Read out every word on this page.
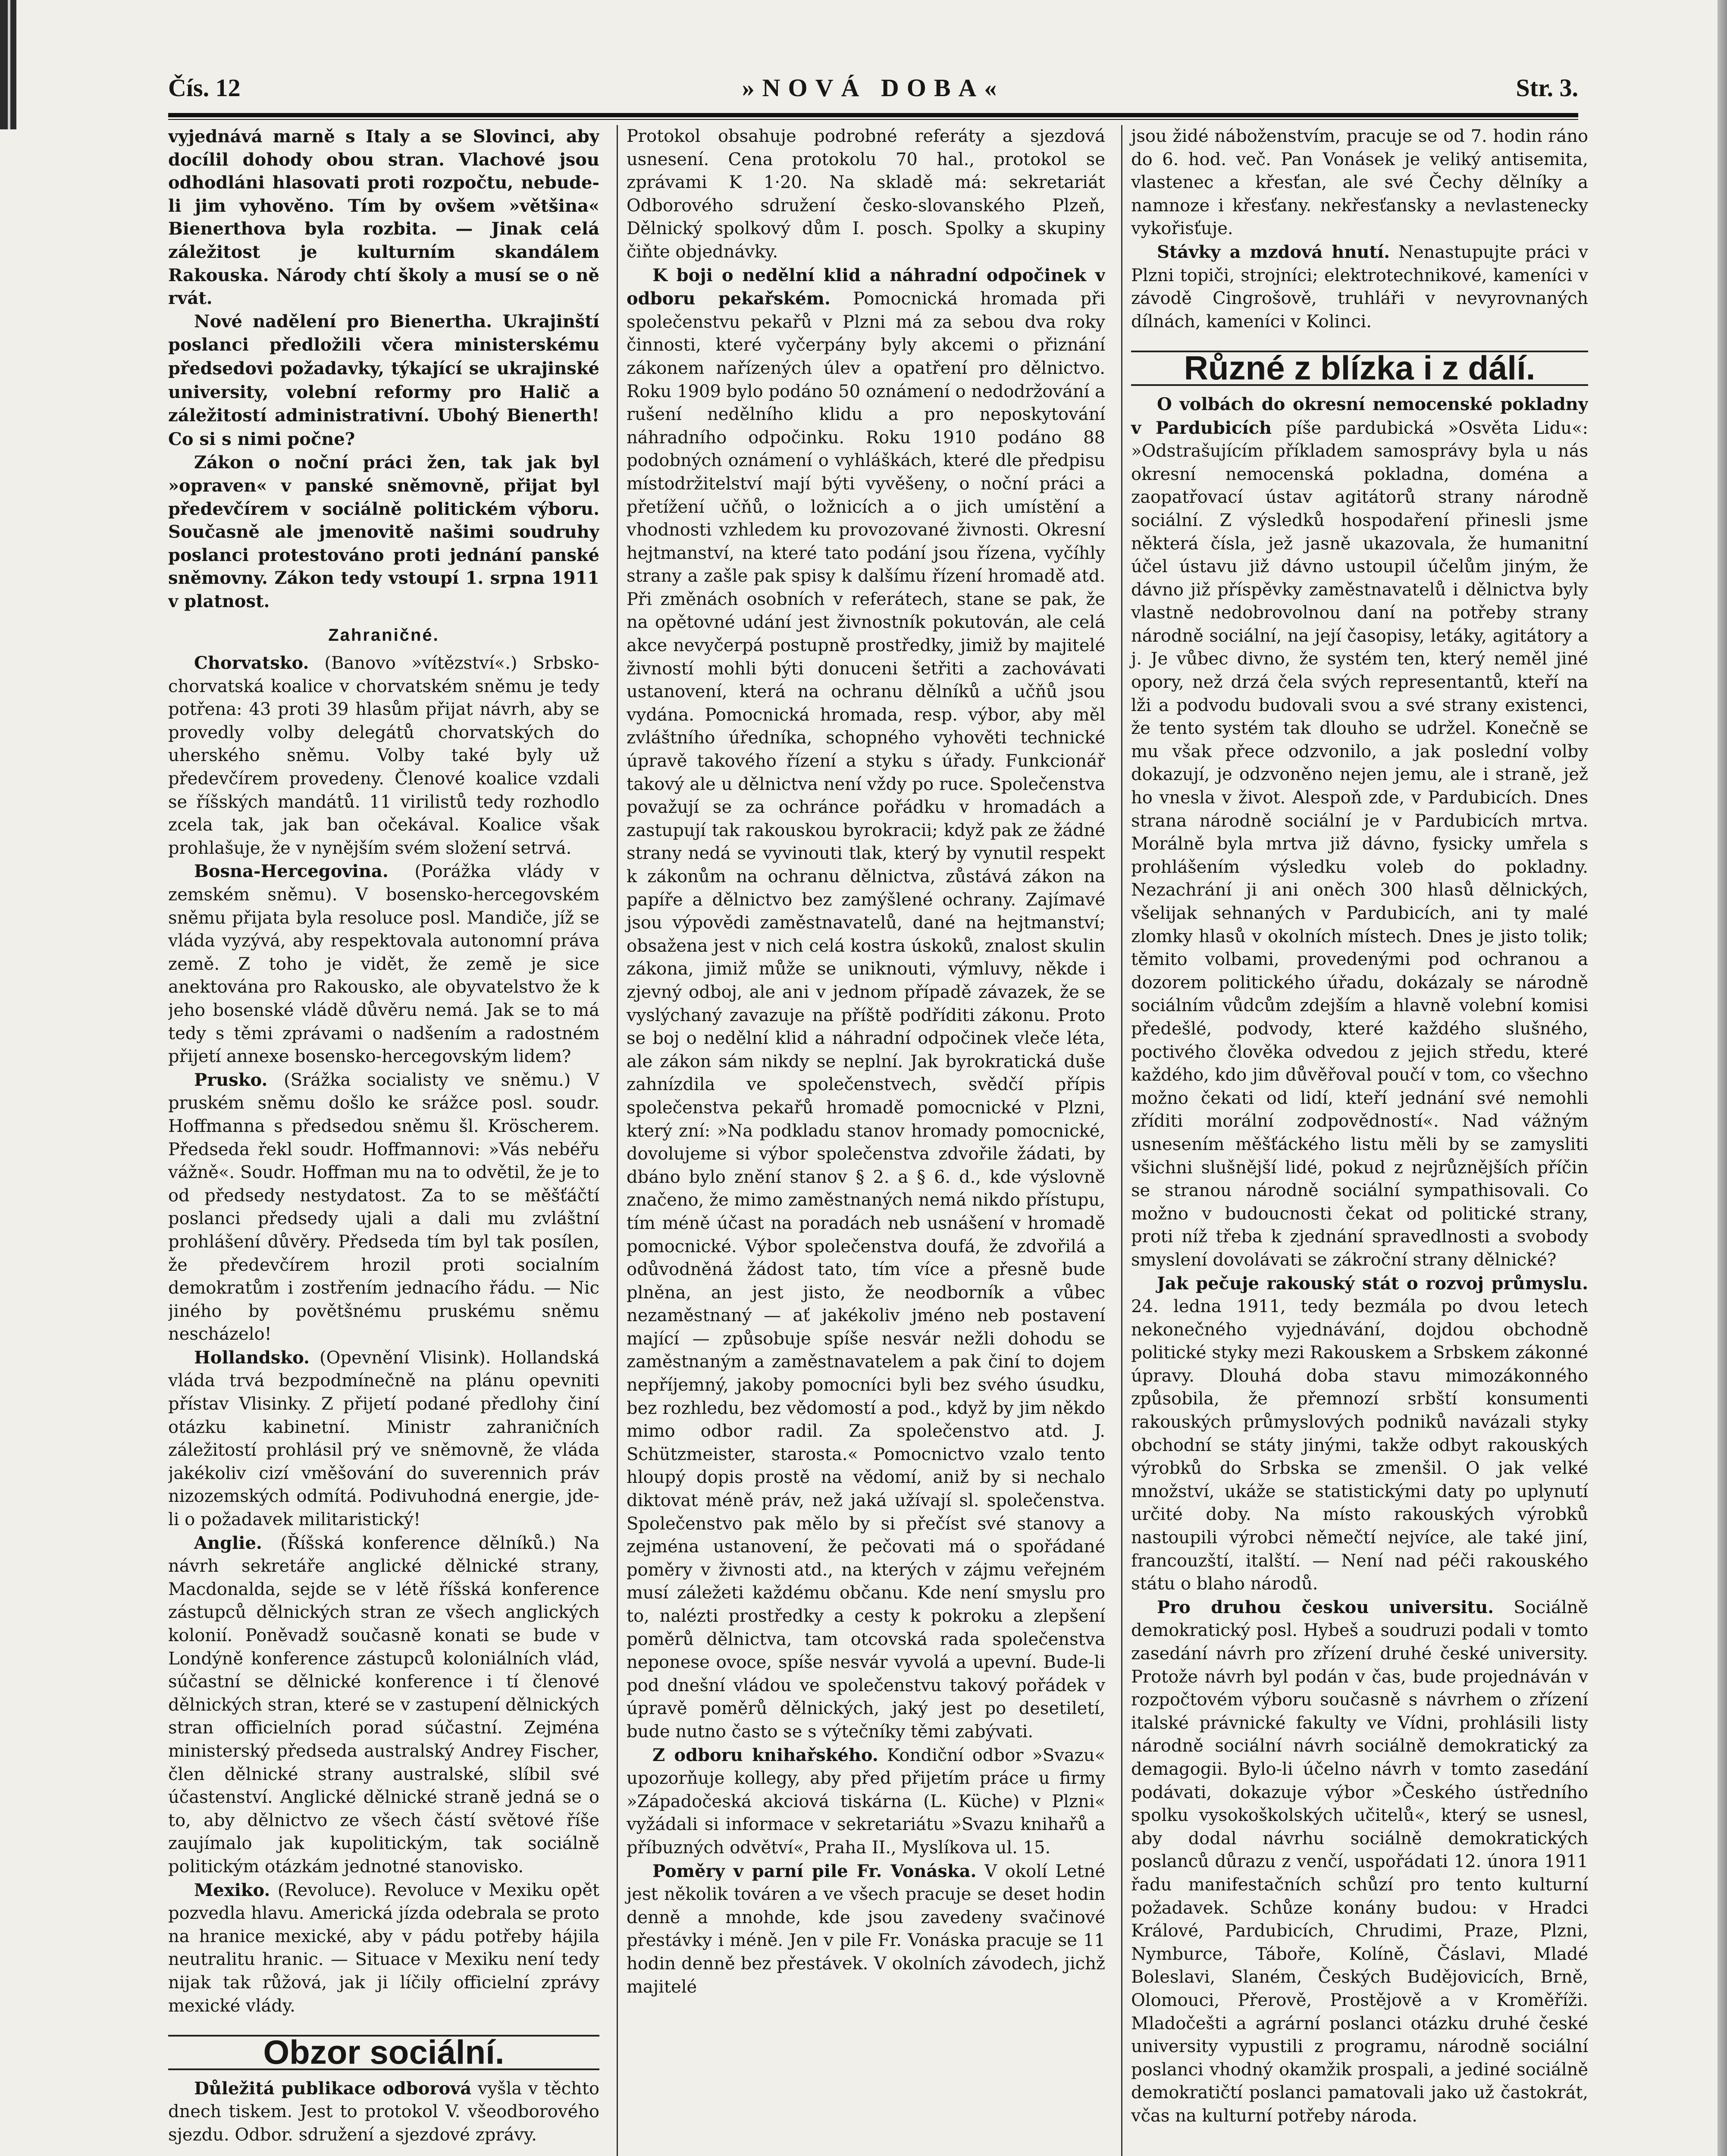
Čís. 12	»NOVÁ DOBA«	Str. 3.

vyjednává marně s Italy a se Slovinci, aby docílil dohody obou stran. Vlachové jsou odhodláni hlasovati proti rozpočtu, nebude-li jim vyhověno. Tím by ovšem »většina« Bienerthova byla rozbita. — Jinak celá záležitost je kulturním skandálem Rakouska. Národy chtí školy a musí se o ně rvát.

Nové nadělení pro Bienertha. Ukrajinští poslanci předložili včera ministerskému předsedovi požadavky, týkající se ukrajinské university, volební reformy pro Halič a záležitostí administrativní. Ubohý Bienerth! Co si s nimi počne?

Zákon o noční práci žen, tak jak byl »opraven« v panské sněmovně, přijat byl předevčírem v sociálně politickém výboru. Současně ale jmenovitě našimi soudruhy poslanci protestováno proti jednání panské sněmovny. Zákon tedy vstoupí 1. srpna 1911 v platnost.

Zahraničné.

Chorvatsko. (Banovo »vítězství«.) Srbsko-chorvatská koalice v chorvatském sněmu je tedy potřena: 43 proti 39 hlasům přijat návrh, aby se provedly volby delegátů chorvatských do uherského sněmu. Volby také byly už předevčírem provedeny. Členové koalice vzdali se říšských mandátů. 11 virilistů tedy rozhodlo zcela tak, jak ban očekával. Koalice však prohlašuje, že v nynějším svém složení setrvá.

Bosna-Hercegovina. (Porážka vlády v zemském sněmu). V bosensko-hercegovském sněmu přijata byla resoluce posl. Mandiče, jíž se vláda vyzývá, aby respektovala autonomní práva země. Z toho je vidět, že země je sice anektována pro Rakousko, ale obyvatelstvo že k jeho bosenské vládě důvěru nemá. Jak se to má tedy s těmi zprávami o nadšením a radostném přijetí annexe bosensko-hercegovským lidem?

Prusko. (Srážka socialisty ve sněmu.) V pruském sněmu došlo ke srážce posl. soudr. Hoffmanna s předsedou sněmu šl. Kröscherem. Předseda řekl soudr. Hoffmannovi: »Vás nebéřu vážně«. Soudr. Hoffman mu na to odvětil, že je to od předsedy nestydatost. Za to se měšťáčtí poslanci předsedy ujali a dali mu zvláštní prohlášení důvěry. Předseda tím byl tak posílen, že předevčírem hrozil proti socialním demokratům i zostřením jednacího řádu. — Nic jiného by povětšnému pruskému sněmu nescházelo!

Hollandsko. (Opevnění Vlisink). Hollandská vláda trvá bezpodmínečně na plánu opevniti přístav Vlisinky. Z přijetí podané předlohy činí otázku kabinetní. Ministr zahraničních záležitostí prohlásil prý ve sněmovně, že vláda jakékoliv cizí vměšování do suverennich práv nizozemských odmítá. Podivuhodná energie, jde-li o požadavek militaristický!

Anglie. (Říšská konference dělníků.) Na návrh sekretáře anglické dělnické strany, Macdonalda, sejde se v létě říšská konference zástupců dělnických stran ze všech anglických kolonií. Poněvadž současně konati se bude v Londýně konference zástupců koloniálních vlád, súčastní se dělnické konference i tí členové dělnických stran, které se v zastupení dělnických stran officielních porad súčastní. Zejména ministerský předseda australský Andrey Fischer, člen dělnické strany australské, slíbil své účastenství. Anglické dělnické straně jedná se o to, aby dělnictvo ze všech částí světové říše zaujímalo jak kupolitickým, tak sociálně politickým otázkám jednotné stanovisko.

Mexiko. (Revoluce). Revoluce v Mexiku opět pozvedla hlavu. Americká jízda odebrala se proto na hranice mexické, aby v pádu potřeby hájila neutralitu hranic. — Situace v Mexiku není tedy nijak tak růžová, jak ji líčily officielní zprávy mexické vlády.

Obzor sociální.

Důležitá publikace odborová vyšla v těchto dnech tiskem. Jest to protokol V. všeodborového sjezdu. Odbor. sdružení a sjezdové zprávy.

Protokol obsahuje podrobné referáty a sjezdová usnesení. Cena protokolu 70 hal., protokol se zprávami K 1·20. Na skladě má: sekretariát Odborového sdružení česko-slovanského Plzeň, Dělnický spolkový dům I. posch. Spolky a skupiny čiňte objednávky.

K boji o nedělní klid a náhradní odpočinek v odboru pekařském. Pomocnická hromada při společenstvu pekařů v Plzni má za sebou dva roky činnosti, které vyčerpány byly akcemi o přiznání zákonem nařízených úlev a opatření pro dělnictvo. Roku 1909 bylo podáno 50 oznámení o nedodržování a rušení nedělního klidu a pro neposkytování náhradního odpočinku. Roku 1910 podáno 88 podobných oznámení o vyhláškách, které dle předpisu místodržitelství mají býti vyvěšeny, o noční práci a přetížení učňů, o ložnicích a o jich umístění a vhodnosti vzhledem ku provozované živnosti. Okresní hejtmanství, na které tato podání jsou řízena, vyčíhly strany a zašle pak spisy k dalšímu řízení hromadě atd. Při změnách osobních v referátech, stane se pak, že na opětovné udání jest živnostník pokutován, ale celá akce nevyčerpá postupně prostředky, jimiž by majitelé živností mohli býti donuceni šetřiti a zachovávati ustanovení, která na ochranu dělníků a učňů jsou vydána. Pomocnická hromada, resp. výbor, aby měl zvláštního úředníka, schopného vyhověti technické úpravě takového řízení a styku s úřady. Funkcionář takový ale u dělnictva není vždy po ruce. Společenstva považují se za ochránce pořádku v hromadách a zastupují tak rakouskou byrokracii; když pak ze žádné strany nedá se vyvinouti tlak, který by vynutil respekt k zákonům na ochranu dělnictva, zůstává zákon na papíře a dělnictvo bez zamýšlené ochrany. Zajímavé jsou výpovědi zaměstnavatelů, dané na hejtmanství; obsažena jest v nich celá kostra úskoků, znalost skulin zákona, jimiž může se uniknouti, výmluvy, někde i zjevný odboj, ale ani v jednom případě závazek, že se vyslýchaný zavazuje na příště podříditi zákonu. Proto se boj o nedělní klid a náhradní odpočinek vleče léta, ale zákon sám nikdy se neplní. Jak byrokratická duše zahnízdila ve společenstvech, svědčí přípis společenstva pekařů hromadě pomocnické v Plzni, který zní: »Na podkladu stanov hromady pomocnické, dovolujeme si výbor společenstva zdvořile žádati, by dbáno bylo znění stanov § 2. a § 6. d., kde výslovně značeno, že mimo zaměstnaných nemá nikdo přístupu, tím méně účast na poradách neb usnášení v hromadě pomocnické. Výbor společenstva doufá, že zdvořilá a odůvodněná žádost tato, tím více a přesně bude plněna, an jest jisto, že neodborník a vůbec nezaměstnaný — ať jakékoliv jméno neb postavení mající — způsobuje spíše nesvár nežli dohodu se zaměstnaným a zaměstnavatelem a pak činí to dojem nepříjemný, jakoby pomocníci byli bez svého úsudku, bez rozhledu, bez vědomostí a pod., když by jim někdo mimo odbor radil. Za společenstvo atd. J. Schützmeister, starosta.« Pomocnictvo vzalo tento hloupý dopis prostě na vědomí, aniž by si nechalo diktovat méně práv, než jaká užívají sl. společenstva. Společenstvo pak mělo by si přečíst své stanovy a zejména ustanovení, že pečovati má o spořádané poměry v živnosti atd., na kterých v zájmu veřejném musí záležeti každému občanu. Kde není smyslu pro to, nalézti prostředky a cesty k pokroku a zlepšení poměrů dělnictva, tam otcovská rada společenstva neponese ovoce, spíše nesvár vyvolá a upevní. Bude-li pod dnešní vládou ve společenstvu takový pořádek v úpravě poměrů dělnických, jaký jest po desetiletí, bude nutno často se s výtečníky těmi zabývati.

Z odboru knihařského. Kondiční odbor »Svazu« upozorňuje kollegy, aby před přijetím práce u firmy »Západočeská akciová tiskárna (L. Küche) v Plzni« vyžádali si informace v sekretariátu »Svazu knihařů a příbuzných odvětví«, Praha II., Myslíkova ul. 15.

Poměry v parní pile Fr. Vonáska. V okolí Letné jest několik továren a ve všech pracuje se deset hodin denně a mnohde, kde jsou zavedeny svačinové přestávky i méně. Jen v pile Fr. Vonáska pracuje se 11 hodin denně bez přestávek. V okolních závodech, jichž majitelé

jsou židé náboženstvím, pracuje se od 7. hodin ráno do 6. hod. več. Pan Vonásek je veliký antisemita, vlastenec a křesťan, ale své Čechy dělníky a namnoze i křesťany. nekřesťansky a nevlastenecky vykořisťuje.

Stávky a mzdová hnutí. Nenastupujte práci v Plzni topiči, strojníci; elektrotechnikové, kameníci v závodě Cingrošově, truhláři v nevyrovnaných dílnách, kameníci v Kolinci.

Různé z blízka i z dálí.

O volbách do okresní nemocenské pokladny v Pardubicích píše pardubická »Osvěta Lidu«: »Odstrašujícím příkladem samosprávy byla u nás okresní nemocenská pokladna, doména a zaopatřovací ústav agitátorů strany národně sociální. Z výsledků hospodaření přinesli jsme některá čísla, jež jasně ukazovala, že humanitní účel ústavu již dávno ustoupil účelům jiným, že dávno již příspěvky zaměstnavatelů i dělnictva byly vlastně nedobrovolnou daní na potřeby strany národně sociální, na její časopisy, letáky, agitátory a j. Je vůbec divno, že systém ten, který neměl jiné opory, než drzá čela svých representantů, kteří na lži a podvodu budovali svou a své strany existenci, že tento systém tak dlouho se udržel. Konečně se mu však přece odzvonilo, a jak poslední volby dokazují, je odzvoněno nejen jemu, ale i straně, jež ho vnesla v život. Alespoň zde, v Pardubicích. Dnes strana národně sociální je v Pardubicích mrtva. Morálně byla mrtva již dávno, fysicky umřela s prohlášením výsledku voleb do pokladny. Nezachrání ji ani oněch 300 hlasů dělnických, všelijak sehnaných v Pardubicích, ani ty malé zlomky hlasů v okolních místech. Dnes je jisto tolik; těmito volbami, provedenými pod ochranou a dozorem politického úřadu, dokázaly se národně sociálním vůdcům zdejším a hlavně volební komisi předešlé, podvody, které každého slušného, poctivého člověka odvedou z jejich středu, které každého, kdo jim důvěřoval poučí v tom, co všechno možno čekati od lidí, kteří jednání své nemohli zříditi morální zodpovědností«. Nad vážným usnesením měšťáckého listu měli by se zamysliti všichni slušnější lidé, pokud z nejrůznějších příčin se stranou národně sociální sympathisovali. Co možno v budoucnosti čekat od politické strany, proti níž třeba k zjednání spravedlnosti a svobody smyslení dovolávati se zákroční strany dělnické?

Jak pečuje rakouský stát o rozvoj průmyslu. 24. ledna 1911, tedy bezmála po dvou letech nekonečného vyjednávání, dojdou obchodně politické styky mezi Rakouskem a Srbskem zákonné úpravy. Dlouhá doba stavu mimozákonného způsobila, že přemnozí srbští konsumenti rakouských průmyslových podniků navázali styky obchodní se státy jinými, takže odbyt rakouských výrobků do Srbska se zmenšil. O jak velké množství, ukáže se statistickými daty po uplynutí určité doby. Na místo rakouských výrobků nastoupili výrobci němečtí nejvíce, ale také jiní, francouzští, italští. — Není nad péči rakouského státu o blaho národů.

Pro druhou českou universitu. Sociálně demokratický posl. Hybeš a soudruzi podali v tomto zasedání návrh pro zřízení druhé české university. Protože návrh byl podán v čas, bude projednáván v rozpočtovém výboru současně s návrhem o zřízení italské právnické fakulty ve Vídni, prohlásili listy národně sociální návrh sociálně demokratický za demagogii. Bylo-li účelno návrh v tomto zasedání podávati, dokazuje výbor »Českého ústředního spolku vysokoškolských učitelů«, který se usnesl, aby dodal návrhu sociálně demokratických poslanců důrazu z venčí, uspořádati 12. února 1911 řadu manifestačních schůzí pro tento kulturní požadavek. Schůze konány budou: v Hradci Králové, Pardubicích, Chrudimi, Praze, Plzni, Nymburce, Táboře, Kolíně, Čáslavi, Mladé Boleslavi, Slaném, Českých Budějovicích, Brně, Olomouci, Přerově, Prostějově a v Kroměříži. Mladočešti a agrární poslanci otázku druhé české university vypustili z programu, národně sociální poslanci vhodný okamžik prospali, a jediné sociálně demokratičtí poslanci pamatovali jako už častokrát, včas na kulturní potřeby národa.
